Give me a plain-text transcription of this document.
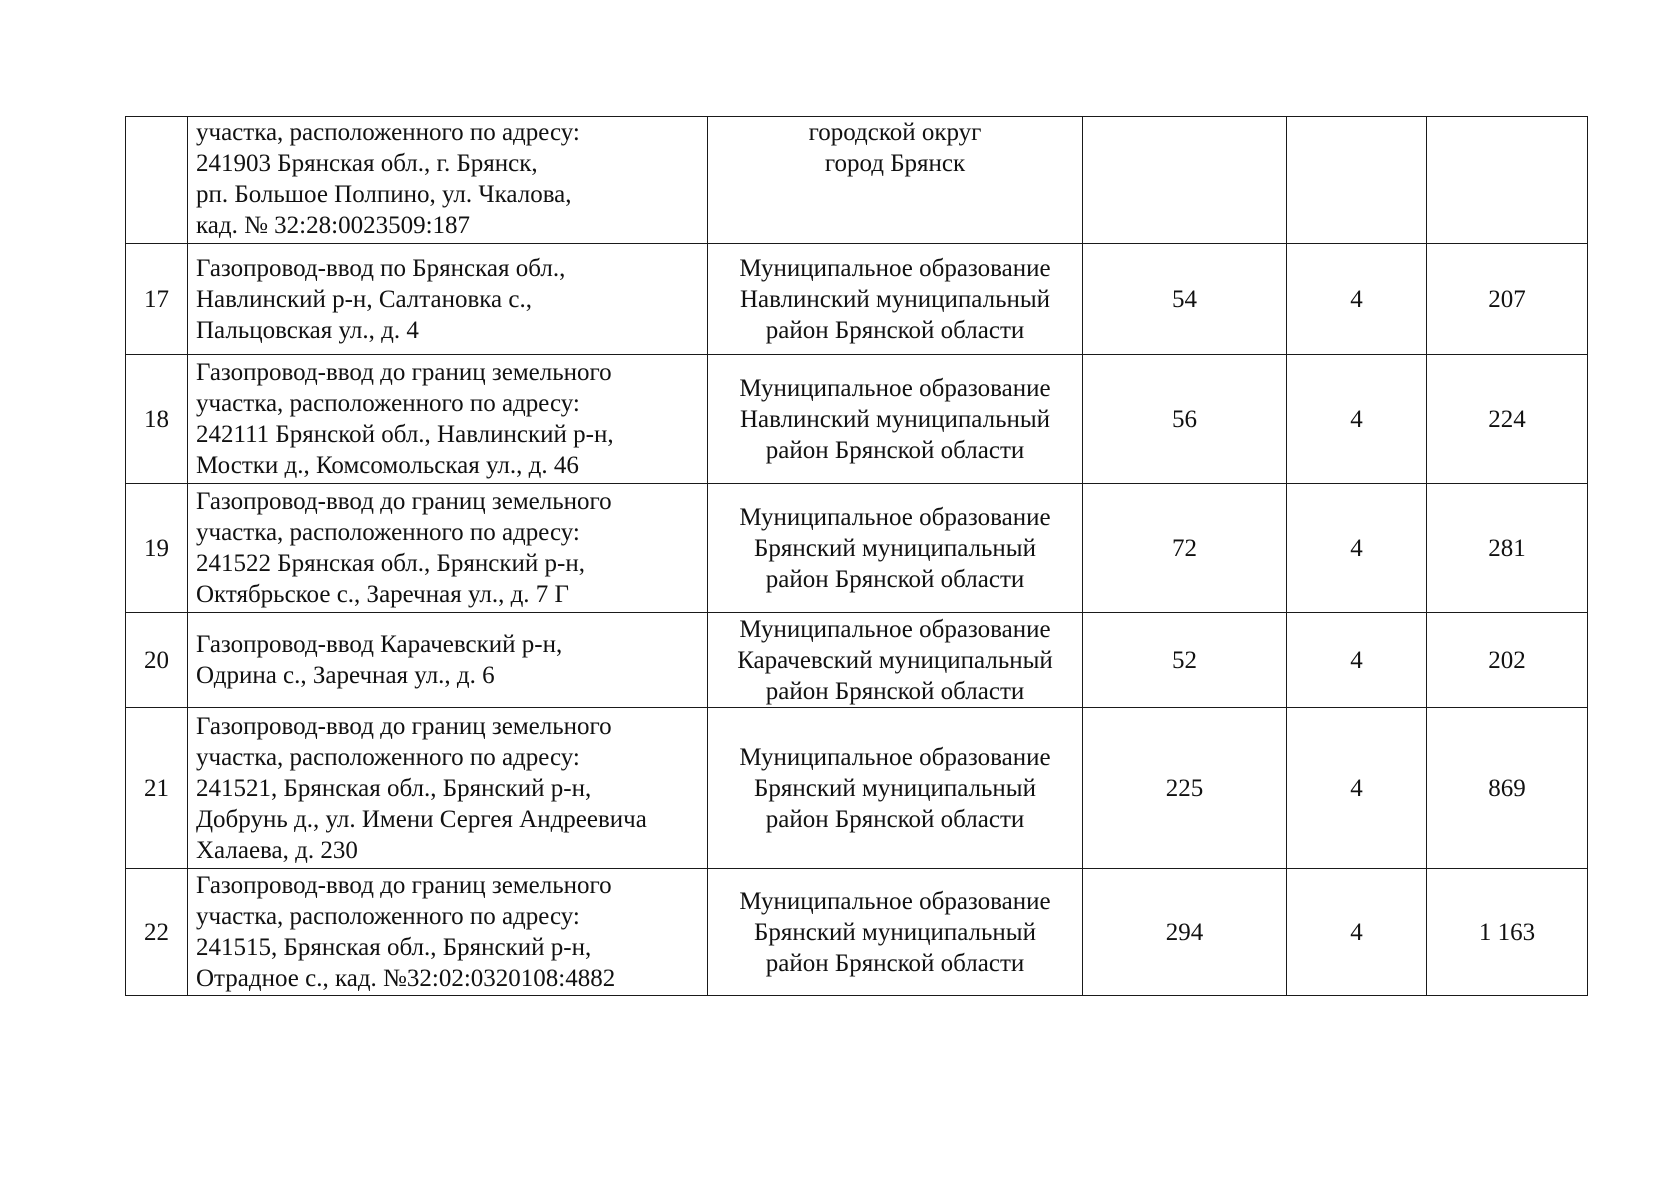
	участка, расположенного по адресу:
241903 Брянская обл., г. Брянск,
рп. Большое Полпино, ул. Чкалова,
кад. № 32:28:0023509:187	городской округ
город Брянск			

17	Газопровод-ввод по Брянская обл.,
Навлинский р-н, Салтановка с.,
Пальцовская ул., д. 4	Муниципальное образование
Навлинский муниципальный
район Брянской области	54	4	207

18	Газопровод-ввод до границ земельного
участка, расположенного по адресу:
242111 Брянской обл., Навлинский р-н,
Мостки д., Комсомольская ул., д. 46	Муниципальное образование
Навлинский муниципальный
район Брянской области	56	4	224

19	Газопровод-ввод до границ земельного
участка, расположенного по адресу:
241522 Брянская обл., Брянский р-н,
Октябрьское с., Заречная ул., д. 7 Г	Муниципальное образование
Брянский муниципальный
район Брянской области	72	4	281

20	Газопровод-ввод Карачевский р-н,
Одрина с., Заречная ул., д. 6	Муниципальное образование
Карачевский муниципальный
район Брянской области	52	4	202

21	Газопровод-ввод до границ земельного
участка, расположенного по адресу:
241521, Брянская обл., Брянский р-н,
Добрунь д., ул. Имени Сергея Андреевича
Халаева, д. 230	Муниципальное образование
Брянский муниципальный
район Брянской области	225	4	869

22	Газопровод-ввод до границ земельного
участка, расположенного по адресу:
241515, Брянская обл., Брянский р-н,
Отрадное с., кад. №32:02:0320108:4882	Муниципальное образование
Брянский муниципальный
район Брянской области	294	4	1 163
